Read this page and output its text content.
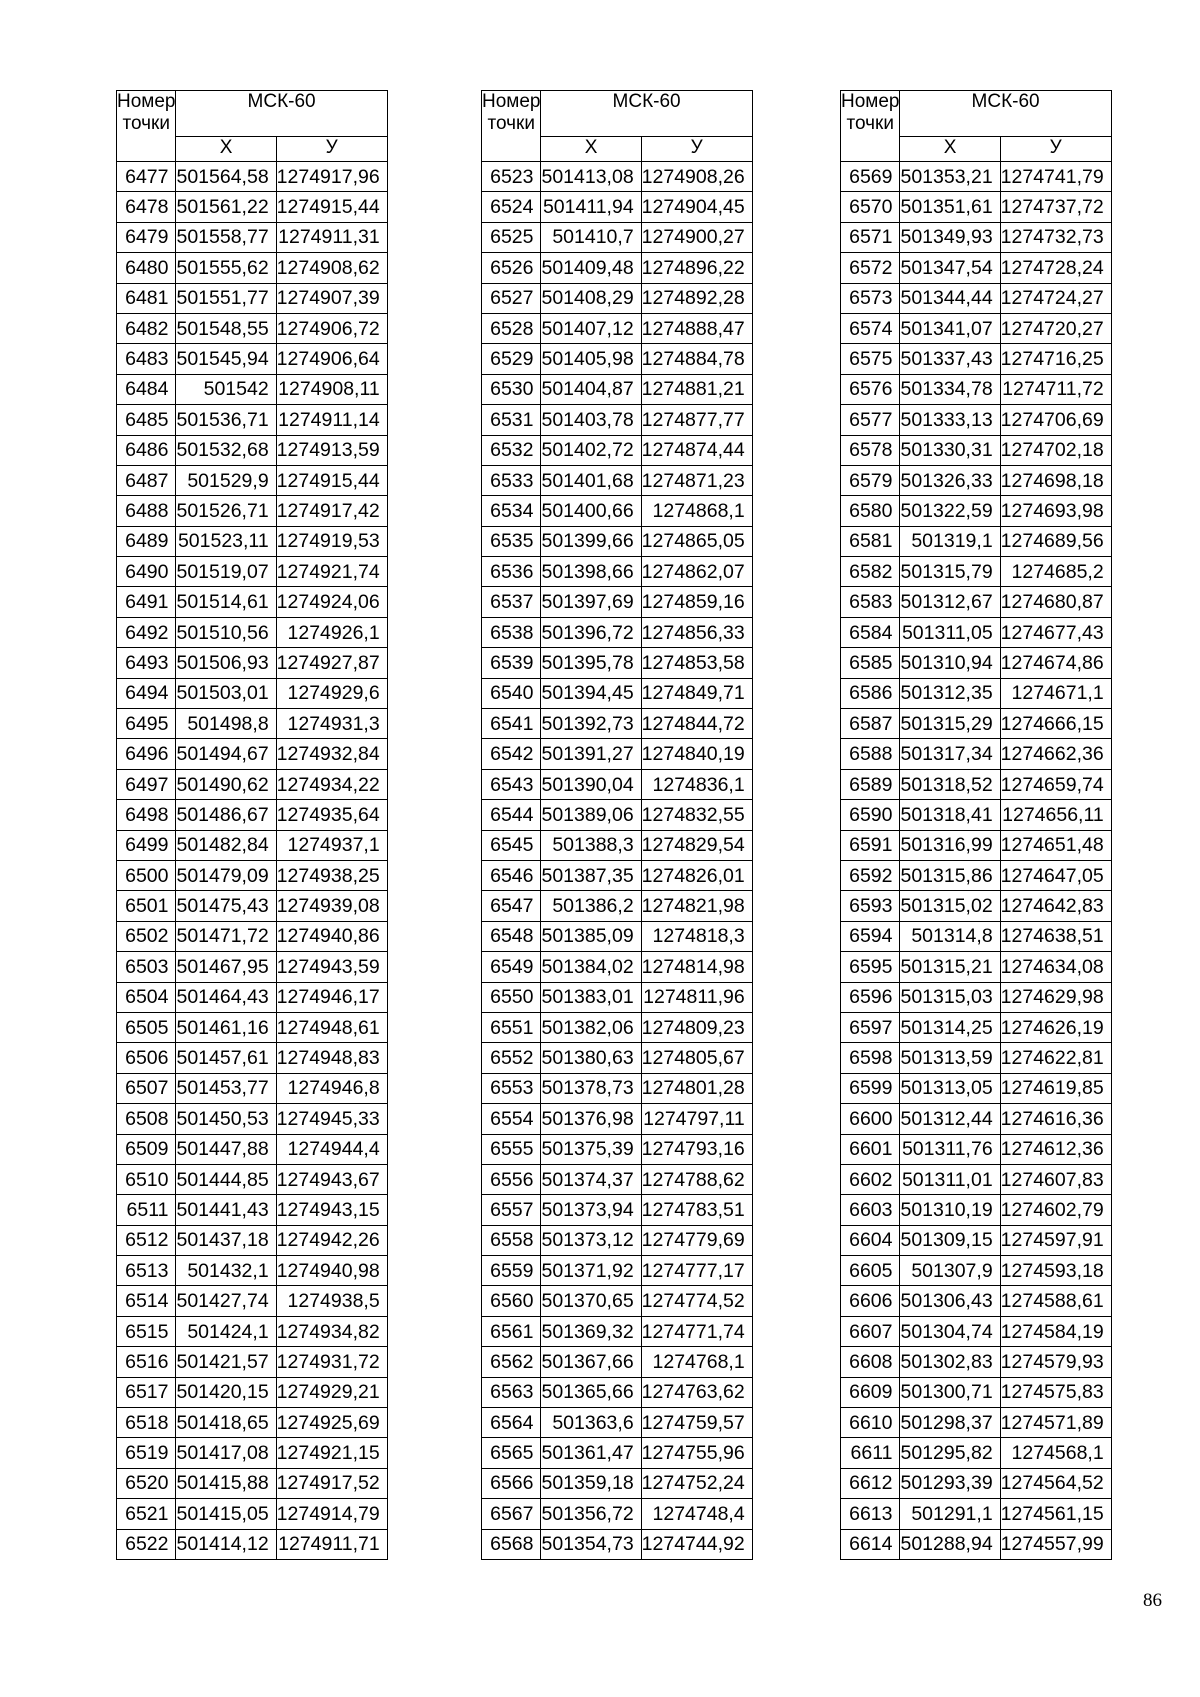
Номер точки	МСК-60	
	Х	У
6477	501564,58	1274917,96
6478	501561,22	1274915,44
6479	501558,77	1274911,31
6480	501555,62	1274908,62
6481	501551,77	1274907,39
6482	501548,55	1274906,72
6483	501545,94	1274906,64
6484	501542	1274908,11
6485	501536,71	1274911,14
6486	501532,68	1274913,59
6487	501529,9	1274915,44
6488	501526,71	1274917,42
6489	501523,11	1274919,53
6490	501519,07	1274921,74
6491	501514,61	1274924,06
6492	501510,56	1274926,1
6493	501506,93	1274927,87
6494	501503,01	1274929,6
6495	501498,8	1274931,3
6496	501494,67	1274932,84
6497	501490,62	1274934,22
6498	501486,67	1274935,64
6499	501482,84	1274937,1
6500	501479,09	1274938,25
6501	501475,43	1274939,08
6502	501471,72	1274940,86
6503	501467,95	1274943,59
6504	501464,43	1274946,17
6505	501461,16	1274948,61
6506	501457,61	1274948,83
6507	501453,77	1274946,8
6508	501450,53	1274945,33
6509	501447,88	1274944,4
6510	501444,85	1274943,67
6511	501441,43	1274943,15
6512	501437,18	1274942,26
6513	501432,1	1274940,98
6514	501427,74	1274938,5
6515	501424,1	1274934,82
6516	501421,57	1274931,72
6517	501420,15	1274929,21
6518	501418,65	1274925,69
6519	501417,08	1274921,15
6520	501415,88	1274917,52
6521	501415,05	1274914,79
6522	501414,12	1274911,71
Номер точки	МСК-60	
	Х	У
6523	501413,08	1274908,26
6524	501411,94	1274904,45
6525	501410,7	1274900,27
6526	501409,48	1274896,22
6527	501408,29	1274892,28
6528	501407,12	1274888,47
6529	501405,98	1274884,78
6530	501404,87	1274881,21
6531	501403,78	1274877,77
6532	501402,72	1274874,44
6533	501401,68	1274871,23
6534	501400,66	1274868,1
6535	501399,66	1274865,05
6536	501398,66	1274862,07
6537	501397,69	1274859,16
6538	501396,72	1274856,33
6539	501395,78	1274853,58
6540	501394,45	1274849,71
6541	501392,73	1274844,72
6542	501391,27	1274840,19
6543	501390,04	1274836,1
6544	501389,06	1274832,55
6545	501388,3	1274829,54
6546	501387,35	1274826,01
6547	501386,2	1274821,98
6548	501385,09	1274818,3
6549	501384,02	1274814,98
6550	501383,01	1274811,96
6551	501382,06	1274809,23
6552	501380,63	1274805,67
6553	501378,73	1274801,28
6554	501376,98	1274797,11
6555	501375,39	1274793,16
6556	501374,37	1274788,62
6557	501373,94	1274783,51
6558	501373,12	1274779,69
6559	501371,92	1274777,17
6560	501370,65	1274774,52
6561	501369,32	1274771,74
6562	501367,66	1274768,1
6563	501365,66	1274763,62
6564	501363,6	1274759,57
6565	501361,47	1274755,96
6566	501359,18	1274752,24
6567	501356,72	1274748,4
6568	501354,73	1274744,92
Номер точки	МСК-60	
	Х	У
6569	501353,21	1274741,79
6570	501351,61	1274737,72
6571	501349,93	1274732,73
6572	501347,54	1274728,24
6573	501344,44	1274724,27
6574	501341,07	1274720,27
6575	501337,43	1274716,25
6576	501334,78	1274711,72
6577	501333,13	1274706,69
6578	501330,31	1274702,18
6579	501326,33	1274698,18
6580	501322,59	1274693,98
6581	501319,1	1274689,56
6582	501315,79	1274685,2
6583	501312,67	1274680,87
6584	501311,05	1274677,43
6585	501310,94	1274674,86
6586	501312,35	1274671,1
6587	501315,29	1274666,15
6588	501317,34	1274662,36
6589	501318,52	1274659,74
6590	501318,41	1274656,11
6591	501316,99	1274651,48
6592	501315,86	1274647,05
6593	501315,02	1274642,83
6594	501314,8	1274638,51
6595	501315,21	1274634,08
6596	501315,03	1274629,98
6597	501314,25	1274626,19
6598	501313,59	1274622,81
6599	501313,05	1274619,85
6600	501312,44	1274616,36
6601	501311,76	1274612,36
6602	501311,01	1274607,83
6603	501310,19	1274602,79
6604	501309,15	1274597,91
6605	501307,9	1274593,18
6606	501306,43	1274588,61
6607	501304,74	1274584,19
6608	501302,83	1274579,93
6609	501300,71	1274575,83
6610	501298,37	1274571,89
6611	501295,82	1274568,1
6612	501293,39	1274564,52
6613	501291,1	1274561,15
6614	501288,94	1274557,99
86
